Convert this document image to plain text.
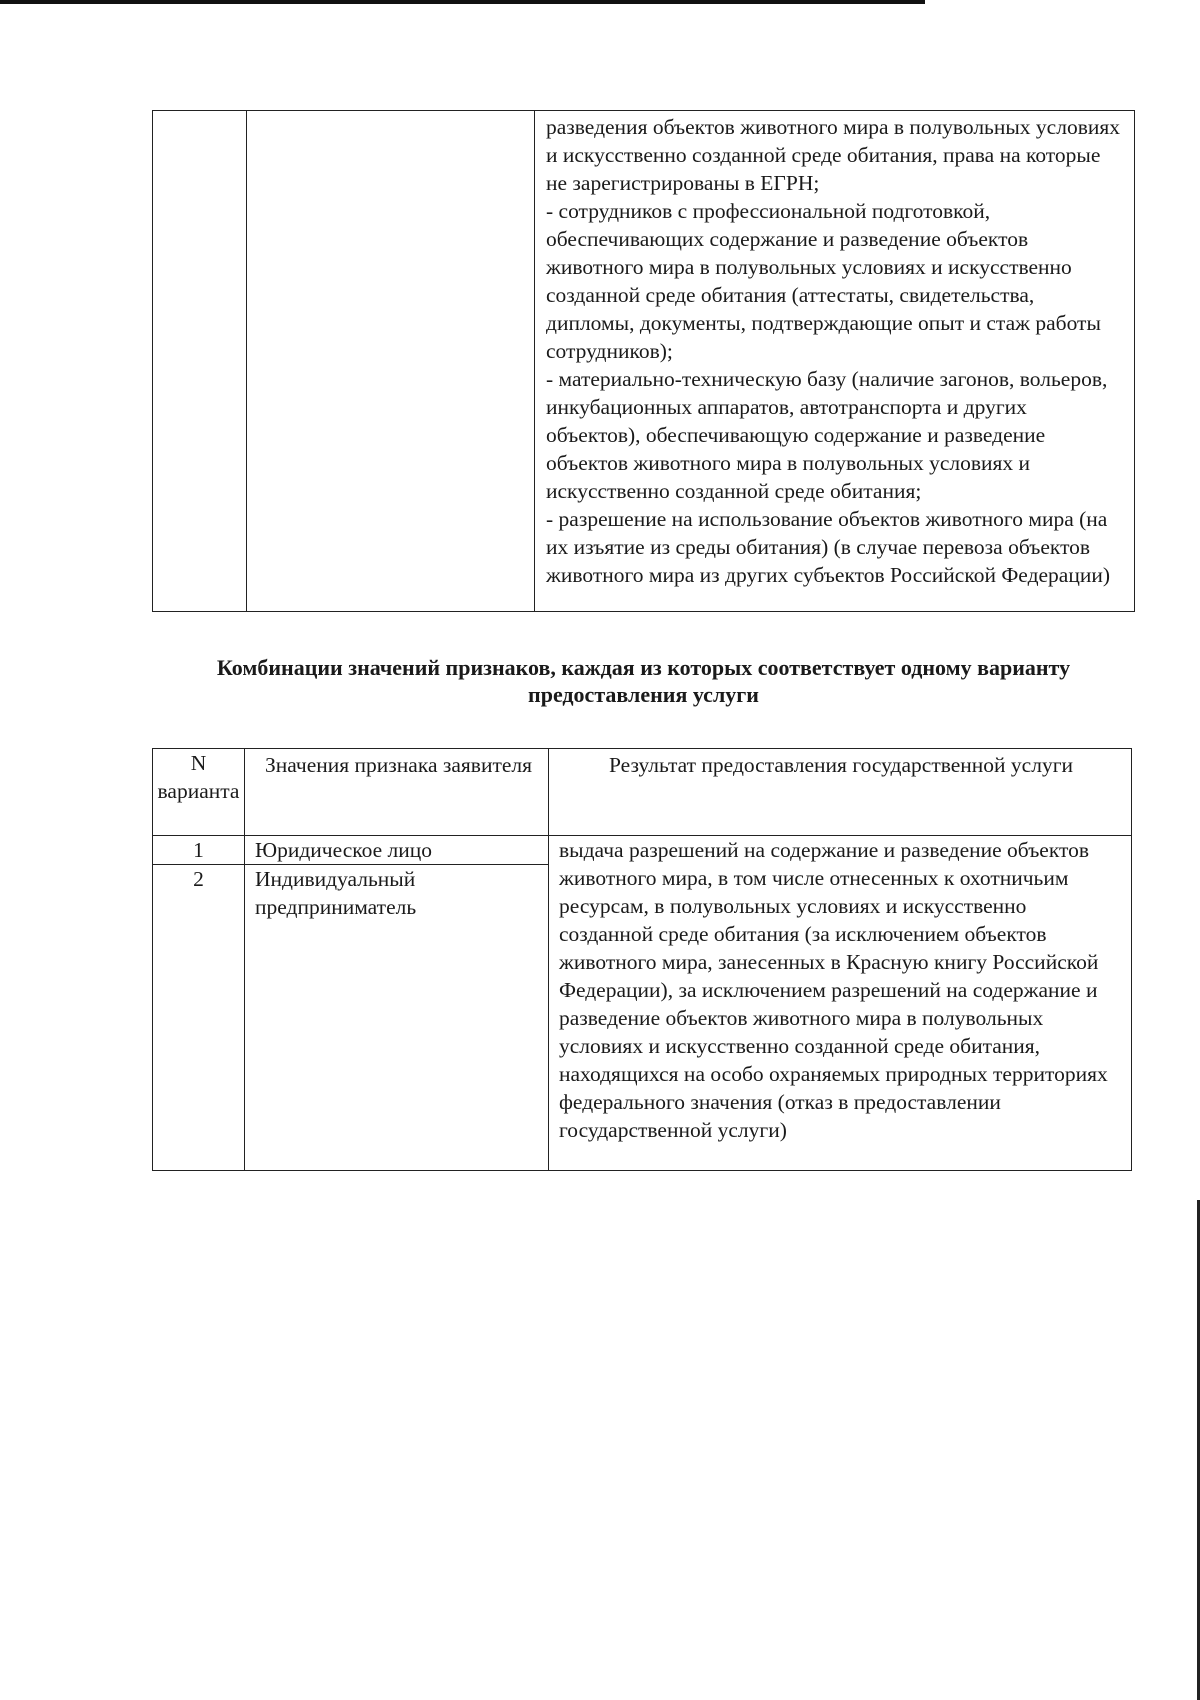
разведения объектов животного мира в полувольных условиях и искусственно созданной среде обитания, права на которые не зарегистрированы в ЕГРН;
- сотрудников с профессиональной подготовкой, обеспечивающих содержание и разведение объектов животного мира в полувольных условиях и искусственно созданной среде обитания (аттестаты, свидетельства, дипломы, документы, подтверждающие опыт и стаж работы сотрудников);
- материально-техническую базу (наличие загонов, вольеров, инкубационных аппаратов, автотранспорта и других объектов), обеспечивающую содержание и разведение объектов животного мира в полувольных условиях и искусственно созданной среде обитания;
- разрешение на использование объектов животного мира (на их изъятие из среды обитания) (в случае перевоза объектов животного мира из других субъектов Российской Федерации)
Комбинации значений признаков, каждая из которых соответствует одному варианту предоставления услуги
N варианта	Значения признака заявителя	Результат предоставления государственной услуги
1	Юридическое лицо	выдача разрешений на содержание и разведение объектов животного мира, в том числе отнесенных к охотничьим ресурсам, в полувольных условиях и искусственно созданной среде обитания (за исключением объектов животного мира, занесенных в Красную книгу Российской Федерации), за исключением разрешений на содержание и разведение объектов животного мира в полувольных условиях и искусственно созданной среде обитания, находящихся на особо охраняемых природных территориях федерального значения (отказ в предоставлении государственной услуги)
2	Индивидуальный предприниматель	
